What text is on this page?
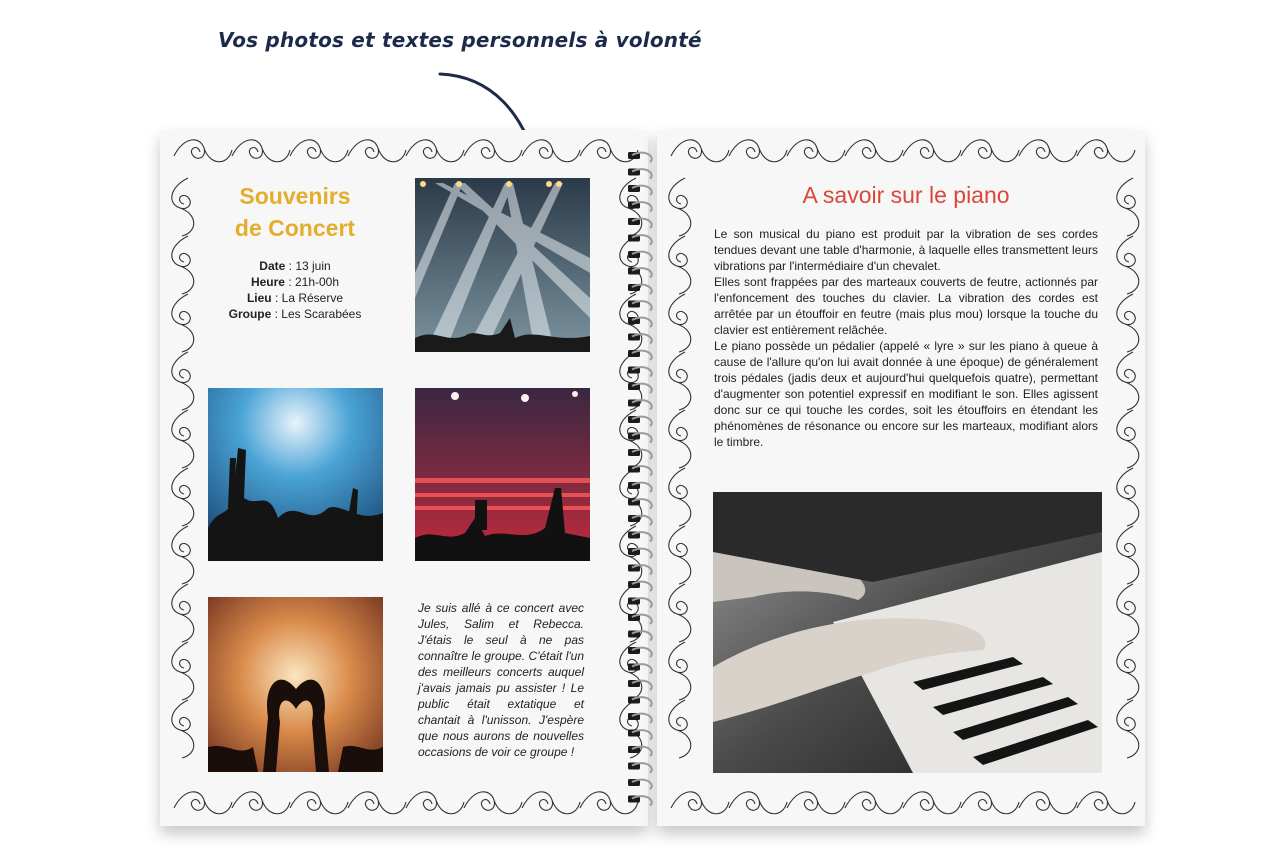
Vos photos et textes personnels à volonté
Souvenirs
de Concert
Date : 13 juin
Heure : 21h-00h
Lieu : La Réserve
Groupe : Les Scarabées
Je suis allé à ce concert avec Jules, Salim et Rebecca. J'étais le seul à ne pas connaître le groupe. C'était l'un des meilleurs concerts auquel j'avais jamais pu assister ! Le public était extatique et chantait à l'unisson. J'espère que nous aurons de nouvelles occasions de voir ce groupe !
A savoir sur le piano

Le son musical du piano est produit par la vibration de ses cordes tendues devant une table d'harmonie, à laquelle elles transmettent leurs vibrations par l'intermédiaire d'un chevalet.

Elles sont frappées par des marteaux couverts de feutre, actionnés par l'enfoncement des touches du clavier. La vibration des cordes est arrêtée par un étouffoir en feutre (mais plus mou) lorsque la touche du clavier est entièrement relâchée.

Le piano possède un pédalier (appelé « lyre » sur les piano à queue à cause de l'allure qu'on lui avait donnée à une époque) de généralement trois pédales (jadis deux et aujourd'hui quelquefois quatre), permettant d'augmenter son potentiel expressif en modifiant le son. Elles agissent donc sur ce qui touche les cordes, soit les étouffoirs en étendant les phénomènes de résonance ou encore sur les marteaux, modifiant alors le timbre.
